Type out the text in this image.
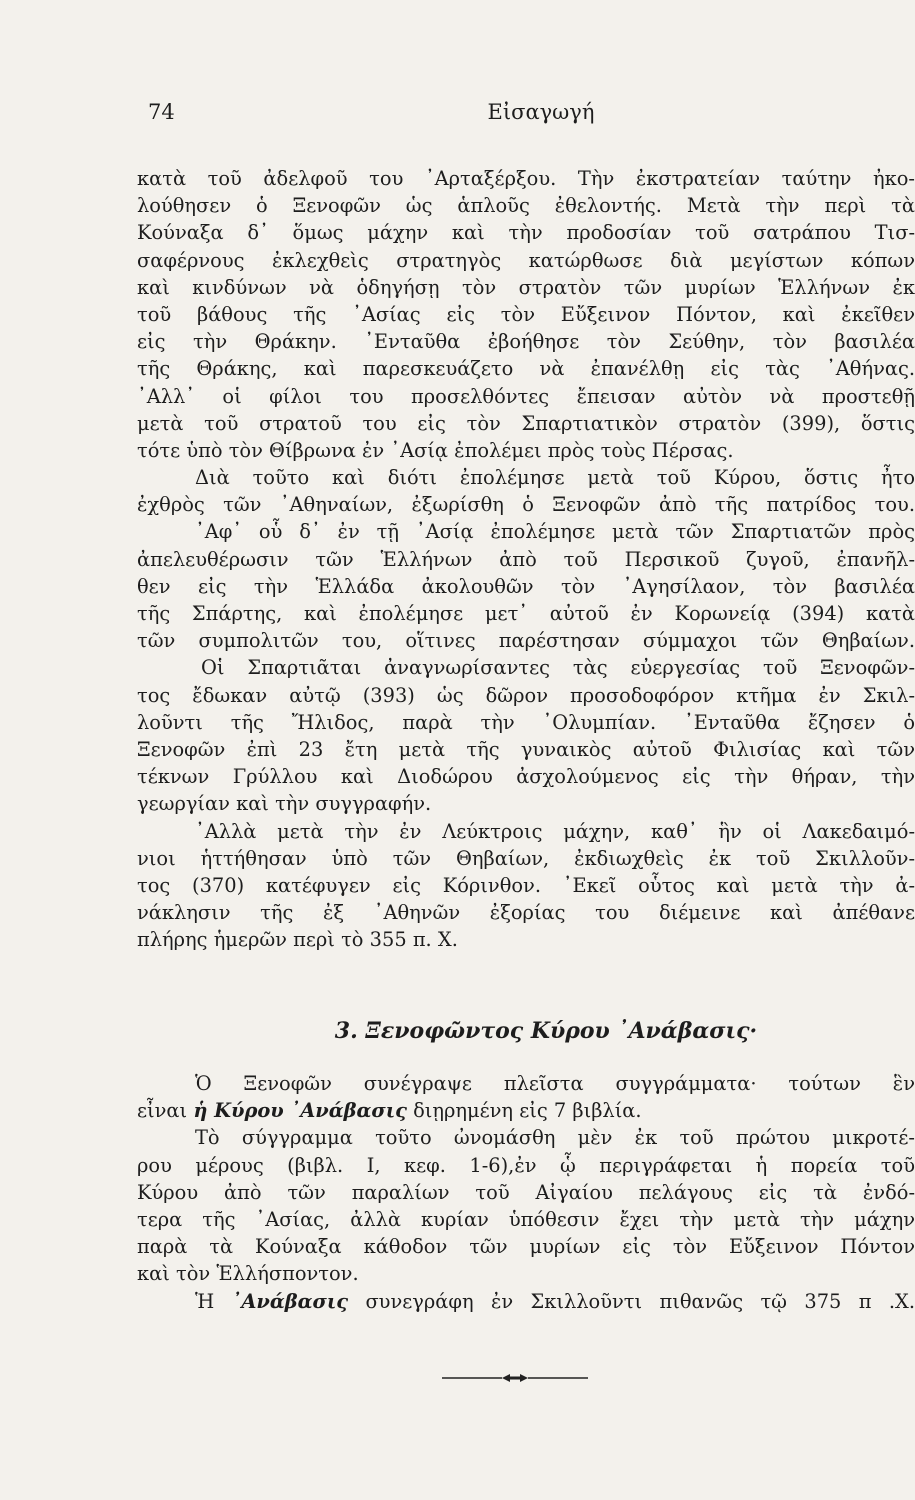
74	Εἰσαγωγή
κατὰ τοῦ ἀδελφοῦ του ᾿Αρταξέρξου. Τὴν ἐκστρατείαν ταύτην ἠκο-
λούθησεν ὁ Ξενοφῶν ὡς ἁπλοῦς ἐθελοντής. Μετὰ τὴν περὶ τὰ
Κούναξα δ᾿ ὅμως μάχην καὶ τὴν προδοσίαν τοῦ σατράπου Τισ-
σαφέρνους ἐκλεχθεὶς στρατηγὸς κατώρθωσε διὰ μεγίστων κόπων
καὶ κινδύνων νὰ ὁδηγήσῃ τὸν στρατὸν τῶν μυρίων Ἑλλήνων ἐκ
τοῦ βάθους τῆς ᾿Ασίας εἰς τὸν Εὔξεινον Πόντον, καὶ ἐκεῖθεν
εἰς τὴν Θράκην. ᾿Ενταῦθα ἐβοήθησε τὸν Σεύθην, τὸν βασιλέα
τῆς Θράκης, καὶ παρεσκευάζετο νὰ ἐπανέλθῃ εἰς τὰς ᾿Αθήνας.
᾿Αλλ᾿ οἱ φίλοι του προσελθόντες ἔπεισαν αὐτὸν νὰ προστεθῇ
μετὰ τοῦ στρατοῦ του εἰς τὸν Σπαρτιατικὸν στρατὸν (399), ὅστις
τότε ὑπὸ τὸν Θίβρωνα ἐν ᾿Ασίᾳ ἐπολέμει πρὸς τοὺς Πέρσας.
Διὰ τοῦτο καὶ διότι ἐπολέμησε μετὰ τοῦ Κύρου, ὅστις ἦτο
ἐχθρὸς τῶν ᾿Αθηναίων, ἐξωρίσθη ὁ Ξενοφῶν ἀπὸ τῆς πατρίδος του.
᾿Αφ᾿ οὗ δ᾿ ἐν τῇ ᾿Ασίᾳ ἐπολέμησε μετὰ τῶν Σπαρτιατῶν πρὸς
ἀπελευθέρωσιν τῶν Ἑλλήνων ἀπὸ τοῦ Περσικοῦ ζυγοῦ, ἐπανῆλ-
θεν εἰς τὴν Ἑλλάδα ἀκολουθῶν τὸν ᾿Αγησίλαον, τὸν βασιλέα
τῆς Σπάρτης, καὶ ἐπολέμησε μετ᾿ αὐτοῦ ἐν Κορωνείᾳ (394) κατὰ
τῶν συμπολιτῶν του, οἵτινες παρέστησαν σύμμαχοι τῶν Θηβαίων.
Οἱ Σπαρτιᾶται ἀναγνωρίσαντες τὰς εὐεργεσίας τοῦ Ξενοφῶν-
τος ἔδωκαν αὐτῷ (393) ὡς δῶρον προσοδοφόρον κτῆμα ἐν Σκιλ-
λοῦντι τῆς Ἤλιδος, παρὰ τὴν ᾿Ολυμπίαν. ᾿Ενταῦθα ἔζησεν ὁ
Ξενοφῶν ἐπὶ 23 ἔτη μετὰ τῆς γυναικὸς αὐτοῦ Φιλισίας καὶ τῶν
τέκνων Γρύλλου καὶ Διοδώρου ἀσχολούμενος εἰς τὴν θήραν, τὴν
γεωργίαν καὶ τὴν συγγραφήν.
᾿Αλλὰ μετὰ τὴν ἐν Λεύκτροις μάχην, καθ᾿ ἣν οἱ Λακεδαιμό-
νιοι ἡττήθησαν ὑπὸ τῶν Θηβαίων, ἐκδιωχθεὶς ἐκ τοῦ Σκιλλοῦν-
τος (370) κατέφυγεν εἰς Κόρινθον. ᾿Εκεῖ οὗτος καὶ μετὰ τὴν ἀ-
νάκλησιν τῆς ἐξ ᾿Αθηνῶν ἐξορίας του διέμεινε καὶ ἀπέθανε
πλήρης ἡμερῶν περὶ τὸ 355 π. Χ.
3. Ξενοφῶντος Κύρου ᾿Ανάβασις·
Ὁ Ξενοφῶν συνέγραψε πλεῖστα συγγράμματα· τούτων ἓν
εἶναι ἡ Κύρου ᾿Ανάβασις διῃρημένη εἰς 7 βιβλία.
Τὸ σύγγραμμα τοῦτο ὠνομάσθη μὲν ἐκ τοῦ πρώτου μικροτέ-
ρου μέρους (βιβλ. Ι, κεφ. 1-6),ἐν ᾧ περιγράφεται ἡ πορεία τοῦ
Κύρου ἀπὸ τῶν παραλίων τοῦ Αἰγαίου πελάγους εἰς τὰ ἐνδό-
τερα τῆς ᾿Ασίας, ἀλλὰ κυρίαν ὑπόθεσιν ἔχει τὴν μετὰ τὴν μάχην
παρὰ τὰ Κούναξα κάθοδον τῶν μυρίων εἰς τὸν Εὔξεινον Πόντον
καὶ τὸν Ἑλλήσποντον.
Ἡ ᾿Ανάβασις συνεγράφη ἐν Σκιλλοῦντι πιθανῶς τῷ 375 π .Χ.
